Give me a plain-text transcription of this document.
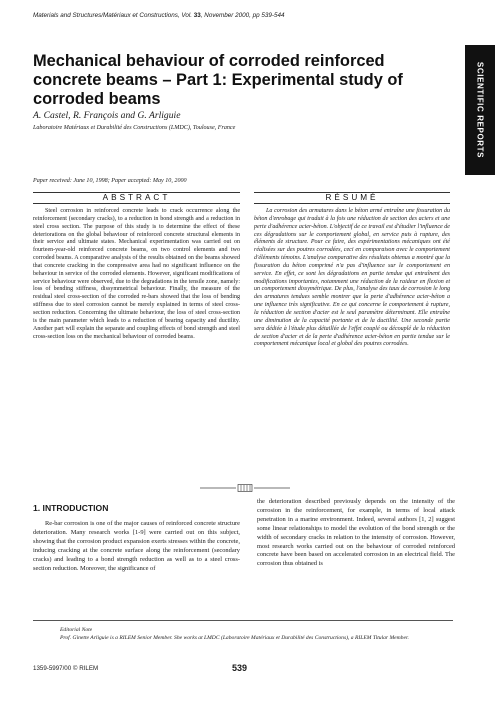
Materials and Structures/Matériaux et Constructions, Vol. 33, November 2000, pp 539-544
SCIENTIFIC REPORTS
Mechanical behaviour of corroded reinforced concrete beams – Part 1: Experimental study of corroded beams
A. Castel, R. François and G. Arliguie
Laboratoire Matériaux et Durabilité des Constructions (LMDC), Toulouse, France
Paper received: June 10, 1998; Paper accepted: May 10, 2000
ABSTRACT	RÉSUMÉ

Steel corrosion in reinforced concrete leads to crack occurrence along the reinforcement (secondary cracks), to a reduction in bond strength and a reduction in steel cross section. The purpose of this study is to determine the effect of these deteriorations on the global behaviour of reinforced concrete structural elements in their service and ultimate states. Mechanical experimentation was carried out on fourteen-year-old reinforced concrete beams, on two control elements and two corroded beams. A comparative analysis of the results obtained on the beams showed that concrete cracking in the compressive area had no significant influence on the behaviour in service of the corroded elements. However, significant modifications of service behaviour were observed, due to the degradations in the tensile zone, namely: loss of bending stiffness, dissymmetrical behaviour. Finally, the measure of the residual steel cross-section of the corroded re-bars showed that the loss of bending stiffness due to steel corrosion cannot be merely explained in terms of steel cross-section reduction. Concerning the ultimate behaviour, the loss of steel cross-section is the main parameter which leads to a reduction of bearing capacity and ductility. Another part will explain the separate and coupling effects of bond strength and steel cross-section loss on the mechanical behaviour of corroded beams.

La corrosion des armatures dans le béton armé entraîne une fissuration du béton d'enrobage qui traduit à la fois une réduction de section des aciers et une perte d'adhérence acier-béton. L'objectif de ce travail est d'étudier l'influence de ces dégradations sur le comportement global, en service puis à rupture, des éléments de structure. Pour ce faire, des expérimentations mécaniques ont été réalisées sur des poutres corrodées, ceci en comparaison avec le comportement d'éléments témoins. L'analyse comparative des résultats obtenus a montré que la fissuration du béton comprimé n'a pas d'influence sur le comportement en service. En effet, ce sont les dégradations en partie tendue qui entraînent des modifications importantes, notamment une réduction de la raideur en flexion et un comportement dissymétrique. De plus, l'analyse des taux de corrosion le long des armatures tendues semble montrer que la perte d'adhérence acier-béton a une influence très significative. En ce qui concerne le comportement à rupture, la réduction de section d'acier est le seul paramètre déterminant. Elle entraîne une diminution de la capacité portante et de la ductilité. Une seconde partie sera dédiée à l'étude plus détaillée de l'effet couplé ou découplé de la réduction de section d'acier et de la perte d'adhérence acier-béton en partie tendue sur le comportement mécanique local et global des poutres corrodées.

1. INTRODUCTION

Re-bar corrosion is one of the major causes of reinforced concrete structure deterioration. Many research works [1-9] were carried out on this subject, showing that the corrosion product expansion exerts stresses within the concrete, inducing cracking at the concrete surface along the reinforcement (secondary cracks) and leading to a bond strength reduction as well as to a steel cross-section reduction. Moreover, the significance of

the deterioration described previously depends on the intensity of the corrosion in the reinforcement, for example, in terms of local attack penetration in a marine environment. Indeed, several authors [1, 2] suggest some linear relationships to model the evolution of the bond strength or the width of secondary cracks in relation to the intensity of corrosion. However, most research works carried out on the behaviour of corroded reinforced concrete have been based on accelerated corrosion in an electrical field. The corrosion thus obtained is

Editorial Note
Prof. Ginette Arliguie is a RILEM Senior Member. She works at LMDC (Laboratoire Matériaux et Durabilité des Constructions), a RILEM Titular Member.
1359-5997/00 © RILEM	539
